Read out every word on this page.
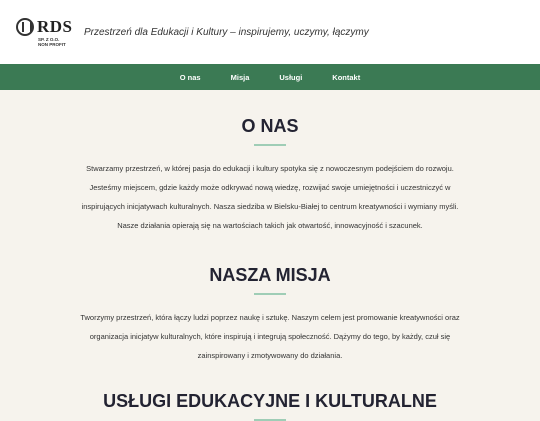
RDS
SP. Z O.O.
NON PROFIT
Przestrzeń dla Edukacji i Kultury – inspirujemy, uczymy, łączymy
O nas	Misja	Usługi	Kontakt
O NAS
Stwarzamy przestrzeń, w której pasja do edukacji i kultury spotyka się z nowoczesnym podejściem do rozwoju. Jesteśmy miejscem, gdzie każdy może odkrywać nową wiedzę, rozwijać swoje umiejętności i uczestniczyć w inspirujących inicjatywach kulturalnych. Nasza siedziba w Bielsku-Białej to centrum kreatywności i wymiany myśli.
Nasze działania opierają się na wartościach takich jak otwartość, innowacyjność i szacunek.
NASZA MISJA
Tworzymy przestrzeń, która łączy ludzi poprzez naukę i sztukę. Naszym celem jest promowanie kreatywności oraz organizacja inicjatyw kulturalnych, które inspirują i integrują społeczność. Dążymy do tego, by każdy, czuł się zainspirowany i zmotywowany do działania.
USŁUGI EDUKACYJNE I KULTURALNE
